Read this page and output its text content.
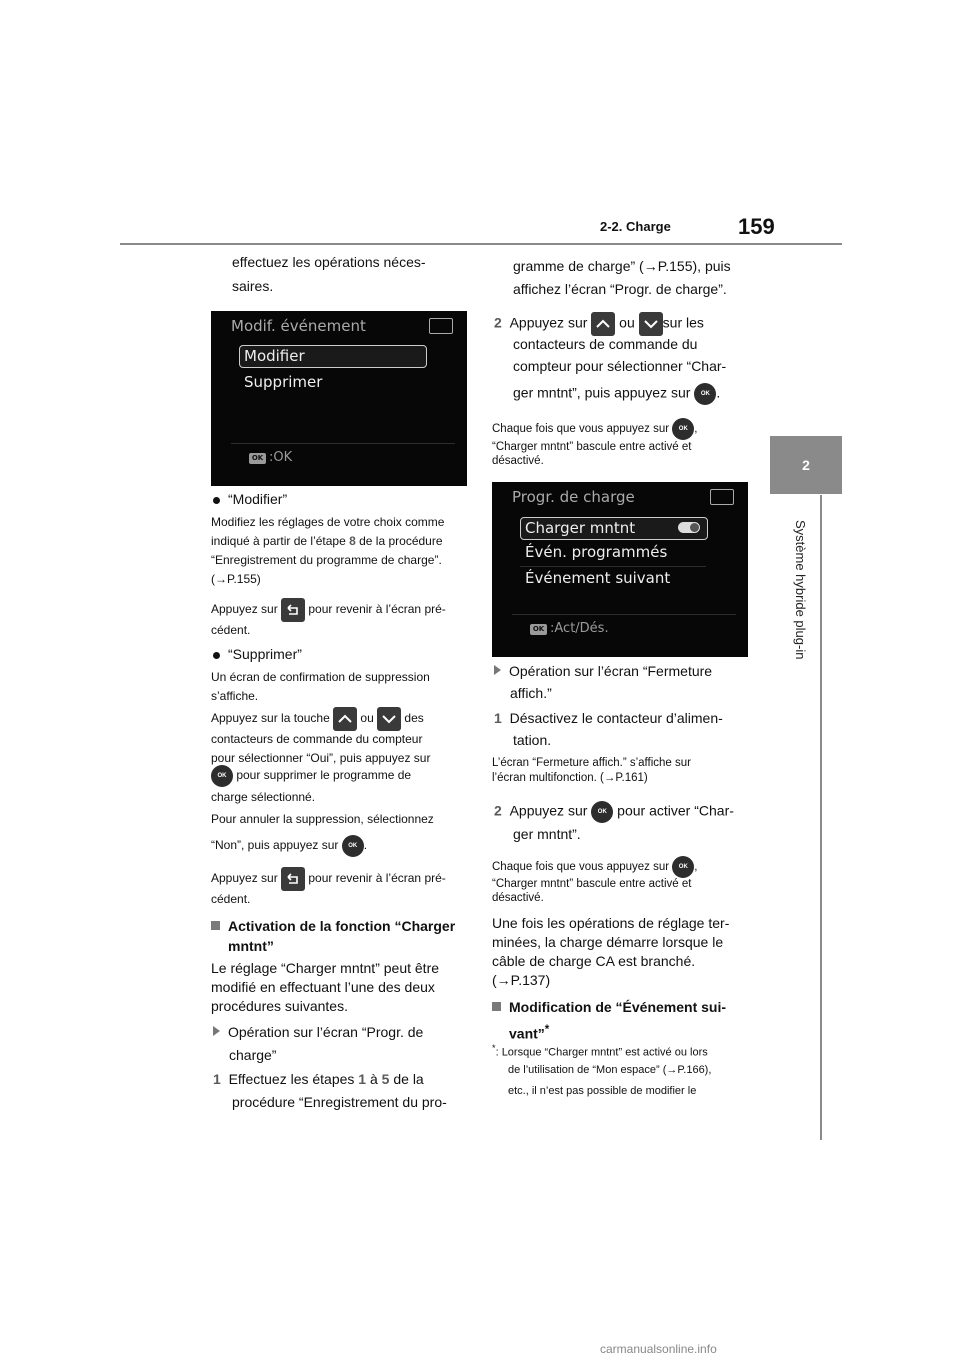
2-2. Charge	159
2
Système hybride plug-in
effectuez les opérations néces-
saires.
Modif. événement
Modifier
Supprimer
OK :OK
“Modifier”
Modifiez les réglages de votre choix comme
indiqué à partir de l’étape 8 de la procédure
“Enregistrement du programme de charge”.
(→P.155)
Appuyez sur
pour revenir à l’écran pré-
cédent.
“Supprimer”
Un écran de confirmation de suppression
s’affiche.
Appuyez sur la touche
ou
des
contacteurs de commande du compteur
pour sélectionner “Oui”, puis appuyez sur
OK pour supprimer le programme de
charge sélectionné.
Pour annuler la suppression, sélectionnez
“Non”, puis appuyez sur OK .
Appuyez sur
pour revenir à l’écran pré-
cédent.
Activation de la fonction “Charger
mntnt”
Le réglage “Charger mntnt” peut être
modifié en effectuant l’une des deux
procédures suivantes.
Opération sur l’écran “Progr. de
charge”
1 Effectuez les étapes 1 à 5 de la
procédure “Enregistrement du pro-
gramme de charge” (→P.155), puis
affichez l’écran “Progr. de charge”.
2 Appuyez sur
ou
sur les
contacteurs de commande du
compteur pour sélectionner “Char-
ger mntnt”, puis appuyez sur OK .
Chaque fois que vous appuyez sur OK ,
“Charger mntnt” bascule entre activé et
désactivé.
Progr. de charge
Charger mntnt
Évén. programmés
Événement suivant
OK :Act/Dés.
Opération sur l’écran “Fermeture
affich.”
1 Désactivez le contacteur d’alimen-
tation.
L’écran “Fermeture affich.” s’affiche sur
l’écran multifonction. (→P.161)
2 Appuyez sur OK pour activer “Char-
ger mntnt”.
Chaque fois que vous appuyez sur OK ,
“Charger mntnt” bascule entre activé et
désactivé.
Une fois les opérations de réglage ter-
minées, la charge démarre lorsque le
câble de charge CA est branché.
(→P.137)
Modification de “Événement sui-
vant”*
*: Lorsque “Charger mntnt” est activé ou lors
de l’utilisation de “Mon espace” (→P.166),
etc., il n’est pas possible de modifier le
carmanualsonline.info
